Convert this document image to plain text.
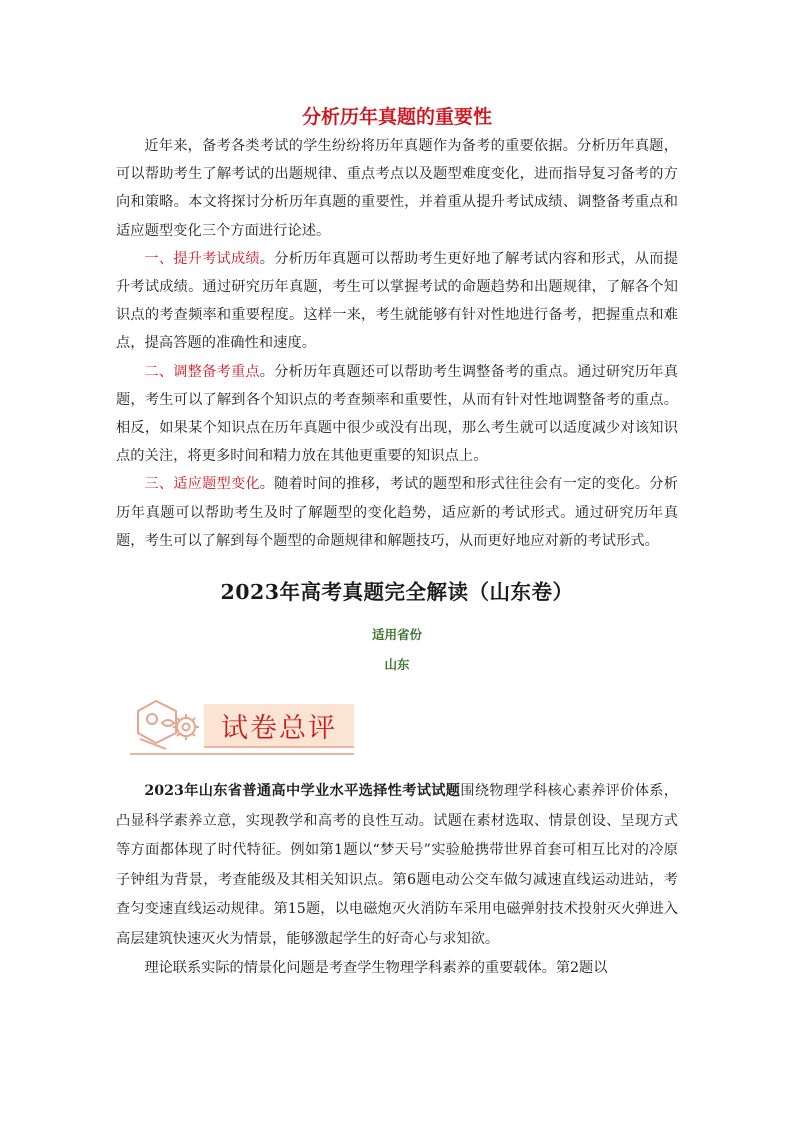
分析历年真题的重要性

近年来，备考各类考试的学生纷纷将历年真题作为备考的重要依据。分析历年真题，可以帮助考生了解考试的出题规律、重点考点以及题型难度变化，进而指导复习备考的方向和策略。本文将探讨分析历年真题的重要性，并着重从提升考试成绩、调整备考重点和适应题型变化三个方面进行论述。

一、提升考试成绩。分析历年真题可以帮助考生更好地了解考试内容和形式，从而提升考试成绩。通过研究历年真题，考生可以掌握考试的命题趋势和出题规律，了解各个知识点的考查频率和重要程度。这样一来，考生就能够有针对性地进行备考，把握重点和难点，提高答题的准确性和速度。

二、调整备考重点。分析历年真题还可以帮助考生调整备考的重点。通过研究历年真题，考生可以了解到各个知识点的考查频率和重要性，从而有针对性地调整备考的重点。相反，如果某个知识点在历年真题中很少或没有出现，那么考生就可以适度减少对该知识点的关注，将更多时间和精力放在其他更重要的知识点上。

三、适应题型变化。随着时间的推移，考试的题型和形式往往会有一定的变化。分析历年真题可以帮助考生及时了解题型的变化趋势，适应新的考试形式。通过研究历年真题，考生可以了解到每个题型的命题规律和解题技巧，从而更好地应对新的考试形式。

2023年高考真题完全解读（山东卷）
适用省份
山东
试卷总评

2023年山东省普通高中学业水平选择性考试试题围绕物理学科核心素养评价体系，凸显科学素养立意，实现教学和高考的良性互动。试题在素材选取、情景创设、呈现方式等方面都体现了时代特征。例如第1题以“梦天号”实验舱携带世界首套可相互比对的冷原子钟组为背景，考查能级及其相关知识点。第6题电动公交车做匀减速直线运动进站，考查匀变速直线运动规律。第15题，以电磁炮灭火消防车采用电磁弹射技术投射灭火弹进入高层建筑快速灭火为情景，能够激起学生的好奇心与求知欲。

理论联系实际的情景化问题是考查学生物理学科素养的重要载体。第2题以
